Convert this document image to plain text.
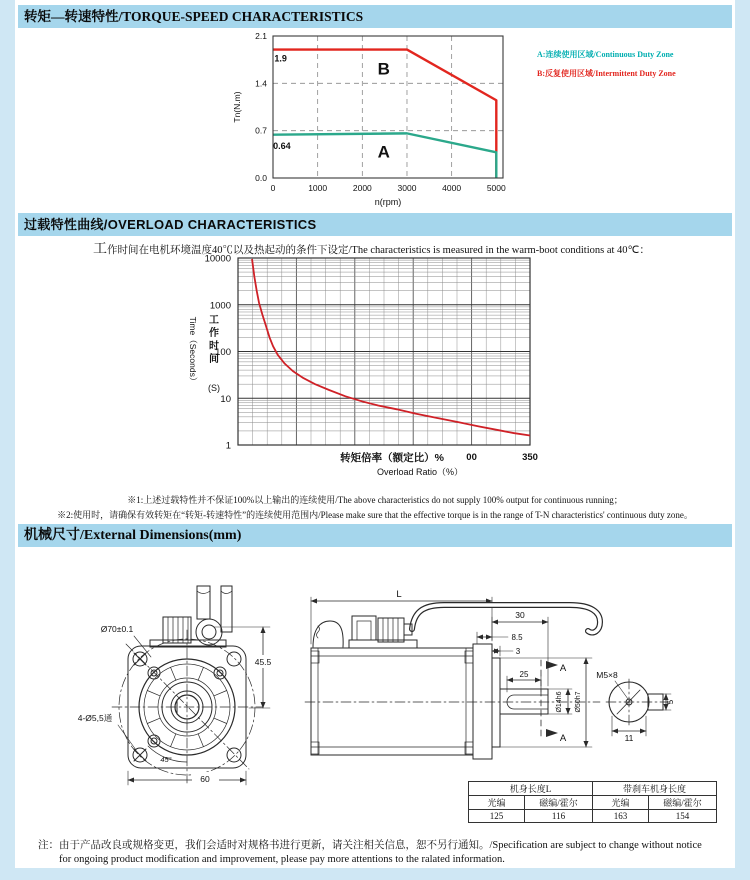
转矩—转速特性/TORQUE-SPEED CHARACTERISTICS
1.9
B
0.64	A
0	1000	2000	3000	4000	5000
0.0
0.7
1.4
2.1
n(rpm)
Tn(N.m)
A:连续使用区域/Continuous Duty Zone
B:反复使用区域/Intermittent Duty Zone
过载特性曲线/OVERLOAD CHARACTERISTICS
工作时间在电机环境温度40℃以及热起动的条件下设定/The characteristics is measured in the warm-boot conditions at 40℃：
1
10
100
1000
10000
00	350
转矩倍率（额定比）%
Overload Ratio（%）
Time（Seconds） 工作时间
(S)
※1:上述过载特性并不保证100%以上输出的连续使用/The above characteristics do not supply 100% output for continuous running；
※2:使用时，请确保有效转矩在“转矩-转速特性”的连续使用范围内/Please make sure that the effective torque is in the range of T-N characteristics' continuous duty zone。
机械尺寸/External Dimensions(mm)
45.5
60
Ø70±0.1
4-Ø5,5通
45°
L
30
8.5
3
25
A
A
Ø14h6 Ø50h7
M5×8
5
11
机身长度L		带刹车机身长度	
光编	磁编/霍尔	光编	磁编/霍尔
125	116	163	154
注： 由于产品改良或规格变更，我们会适时对规格书进行更新，请关注相关信息，恕不另行通知。/Specification are subject to change without notice for ongoing product modification and improvement, please pay more attentions to the ralated information.
